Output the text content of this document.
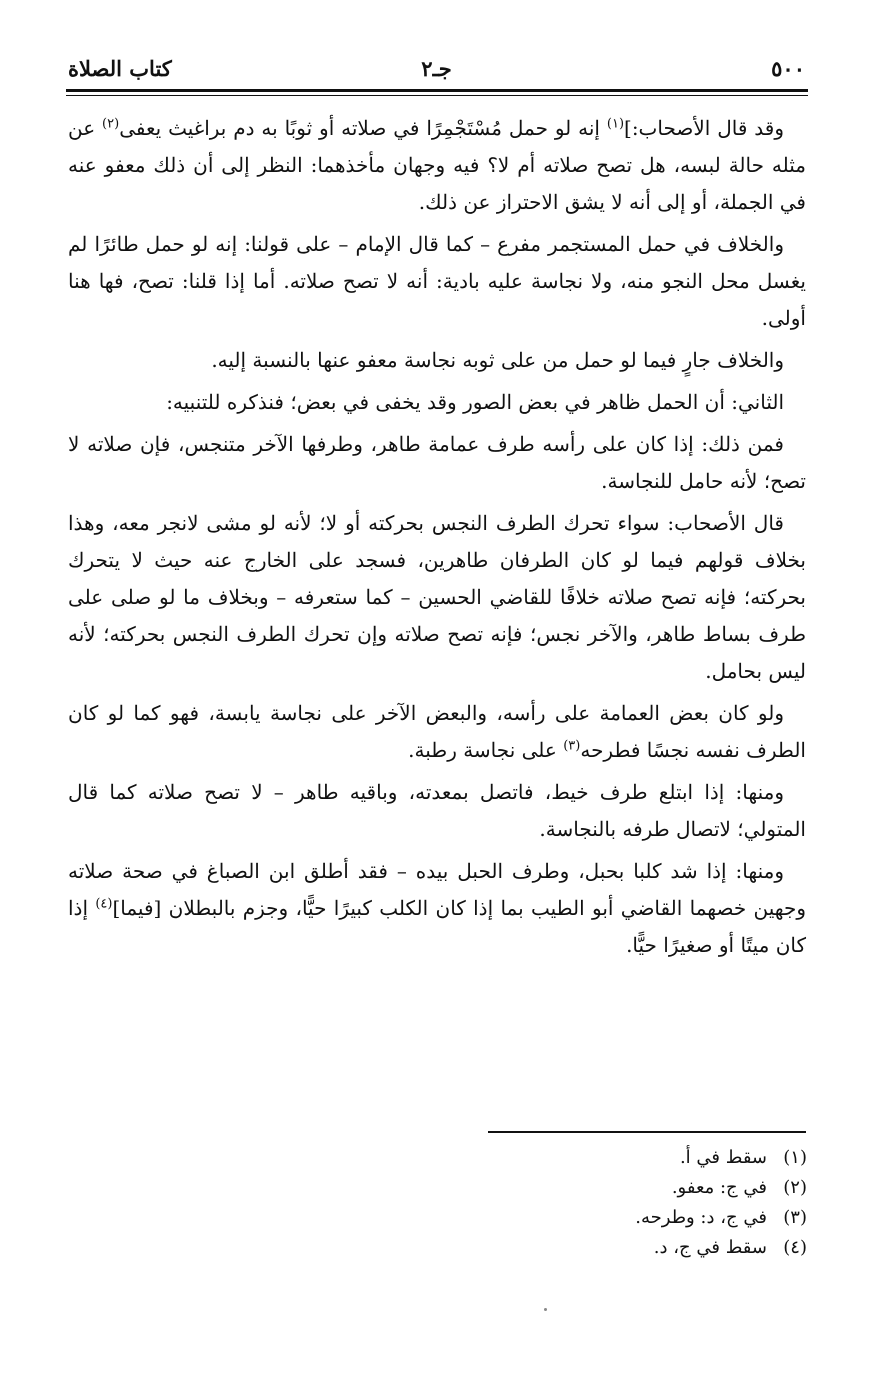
٥٠٠
جـ٢
كتاب الصلاة

وقد قال الأصحاب:]$^{(١)}$ إنه لو حمل مُسْتَجْمِرًا في صلاته أو ثوبًا به دم براغيث يعفى$^{(٢)}$ عن مثله حالة لبسه، هل تصح صلاته أم لا؟ فيه وجهان مأخذهما: النظر إلى أن ذلك معفو عنه في الجملة، أو إلى أنه لا يشق الاحتراز عن ذلك.

والخلاف في حمل المستجمر مفرع – كما قال الإمام – على قولنا: إنه لو حمل طائرًا لم يغسل محل النجو منه، ولا نجاسة عليه بادية: أنه لا تصح صلاته. أما إذا قلنا: تصح، فها هنا أولى.

والخلاف جارٍ فيما لو حمل من على ثوبه نجاسة معفو عنها بالنسبة إليه.

الثاني: أن الحمل ظاهر في بعض الصور وقد يخفى في بعض؛ فنذكره للتنبيه:

فمن ذلك: إذا كان على رأسه طرف عمامة طاهر، وطرفها الآخر متنجس، فإن صلاته لا تصح؛ لأنه حامل للنجاسة.

قال الأصحاب: سواء تحرك الطرف النجس بحركته أو لا؛ لأنه لو مشى لانجر معه، وهذا بخلاف قولهم فيما لو كان الطرفان طاهرين، فسجد على الخارج عنه حيث لا يتحرك بحركته؛ فإنه تصح صلاته خلافًا للقاضي الحسين – كما ستعرفه – وبخلاف ما لو صلى على طرف بساط طاهر، والآخر نجس؛ فإنه تصح صلاته وإن تحرك الطرف النجس بحركته؛ لأنه ليس بحامل.

ولو كان بعض العمامة على رأسه، والبعض الآخر على نجاسة يابسة، فهو كما لو كان الطرف نفسه نجسًا فطرحه$^{(٣)}$ على نجاسة رطبة.

ومنها: إذا ابتلع طرف خيط، فاتصل بمعدته، وباقيه طاهر – لا تصح صلاته كما قال المتولي؛ لاتصال طرفه بالنجاسة.

ومنها: إذا شد كلبا بحبل، وطرف الحبل بيده – فقد أطلق ابن الصباغ في صحة صلاته وجهين خصهما القاضي أبو الطيب بما إذا كان الكلب كبيرًا حيًّا، وجزم بالبطلان [فيما]$^{(٤)}$ إذا كان ميتًا أو صغيرًا حيًّا.

(١)سقط في أ.
(٢)في ج: معفو.
(٣)في ج، د: وطرحه.
(٤)سقط في ج، د.
